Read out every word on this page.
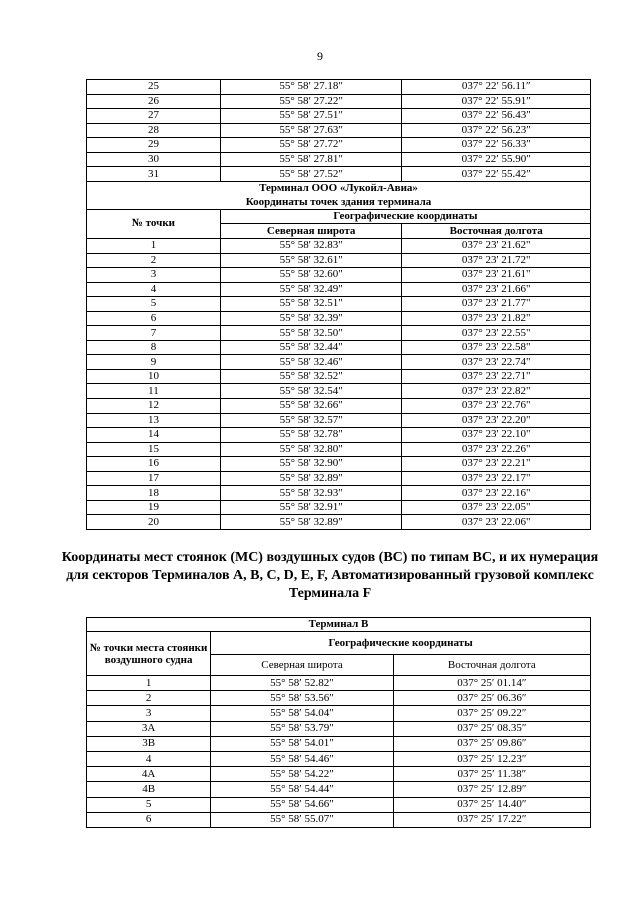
9
25	55° 58′ 27.18″	037° 22′ 56.11″
26	55° 58′ 27.22″	037° 22′ 55.91″
27	55° 58′ 27.51″	037° 22′ 56.43″
28	55° 58′ 27.63″	037° 22′ 56.23″
29	55° 58′ 27.72″	037° 22′ 56.33″
30	55° 58′ 27.81″	037° 22′ 55.90″
31	55° 58′ 27.52″	037° 22′ 55.42″
Терминал ООО «Лукойл-Авиа»		
Координаты точек здания терминала		
№ точки	Географические координаты	
	Северная широта	Восточная долгота
1	55° 58' 32.83"	037° 23' 21.62"
2	55° 58' 32.61"	037° 23' 21.72"
3	55° 58' 32.60"	037° 23' 21.61"
4	55° 58' 32.49"	037° 23' 21.66"
5	55° 58' 32.51"	037° 23' 21.77"
6	55° 58' 32.39"	037° 23' 21.82"
7	55° 58' 32.50"	037° 23' 22.55"
8	55° 58' 32.44"	037° 23' 22.58"
9	55° 58' 32.46"	037° 23' 22.74"
10	55° 58' 32.52"	037° 23' 22.71"
11	55° 58' 32.54"	037° 23' 22.82"
12	55° 58' 32.66"	037° 23' 22.76"
13	55° 58' 32.57"	037° 23' 22.20"
14	55° 58' 32.78"	037° 23' 22.10"
15	55° 58' 32.80"	037° 23' 22.26"
16	55° 58' 32.90"	037° 23' 22.21"
17	55° 58' 32.89"	037° 23' 22.17"
18	55° 58' 32.93"	037° 23' 22.16"
19	55° 58' 32.91"	037° 23' 22.05"
20	55° 58' 32.89"	037° 23' 22.06"
Координаты мест стоянок (МС) воздушных судов (ВС) по типам ВС, и их нумерация для секторов Терминалов A, B, C, D, E, F, Автоматизированный грузовой комплекс Терминала F
Терминал B		
№ точки места стоянки воздушного судна	Географические координаты	
	Северная широта	Восточная долгота
1	55° 58′ 52.82″	037° 25′ 01.14″
2	55° 58′ 53.56″	037° 25′ 06.36″
3	55° 58′ 54.04″	037° 25′ 09.22″
3A	55° 58′ 53.79″	037° 25′ 08.35″
3B	55° 58′ 54.01″	037° 25′ 09.86″
4	55° 58′ 54.46″	037° 25′ 12.23″
4A	55° 58′ 54.22″	037° 25′ 11.38″
4B	55° 58′ 54.44″	037° 25′ 12.89″
5	55° 58′ 54.66″	037° 25′ 14.40″
6	55° 58′ 55.07″	037° 25′ 17.22″
